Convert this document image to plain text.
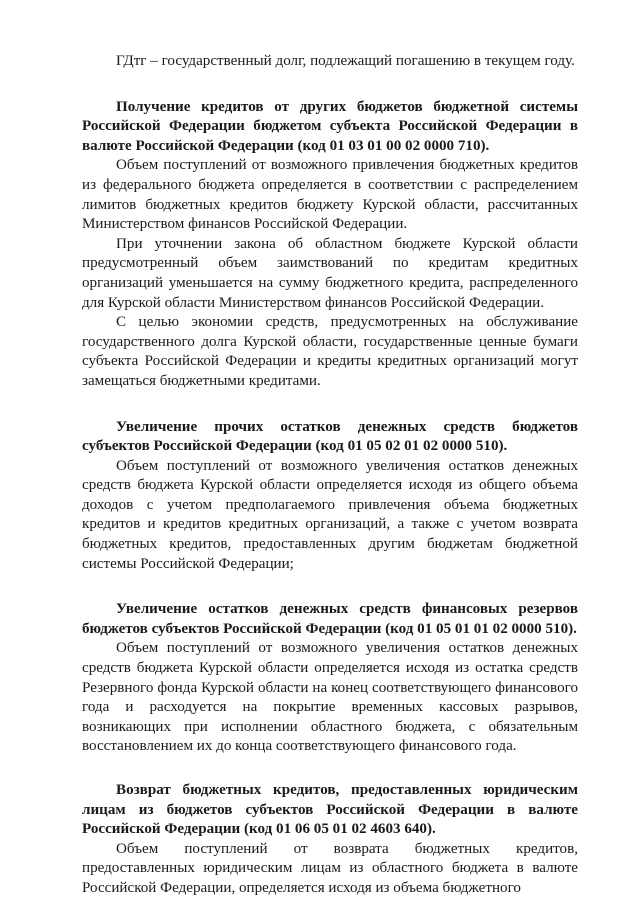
ГДтг – государственный долг, подлежащий погашению в текущем году.

Получение кредитов от других бюджетов бюджетной системы Российской Федерации бюджетом субъекта Российской Федерации в валюте Российской Федерации (код 01 03 01 00 02 0000 710).

Объем поступлений от возможного привлечения бюджетных кредитов из федерального бюджета определяется в соответствии с распределением лимитов бюджетных кредитов бюджету Курской области, рассчитанных Министерством финансов Российской Федерации.

При уточнении закона об областном бюджете Курской области предусмотренный объем заимствований по кредитам кредитных организаций уменьшается на сумму бюджетного кредита, распределенного для Курской области Министерством финансов Российской Федерации.

С целью экономии средств, предусмотренных на обслуживание государственного долга Курской области, государственные ценные бумаги субъекта Российской Федерации и кредиты кредитных организаций могут замещаться бюджетными кредитами.

Увеличение прочих остатков денежных средств бюджетов субъектов Российской Федерации (код 01 05 02 01 02 0000 510).

Объем поступлений от возможного увеличения остатков денежных средств бюджета Курской области определяется исходя из общего объема доходов с учетом предполагаемого привлечения объема бюджетных кредитов и кредитов кредитных организаций, а также с учетом возврата бюджетных кредитов, предоставленных другим бюджетам бюджетной системы Российской Федерации;

Увеличение остатков денежных средств финансовых резервов бюджетов субъектов Российской Федерации (код 01 05 01 01 02 0000 510).

Объем поступлений от возможного увеличения остатков денежных средств бюджета Курской области определяется исходя из остатка средств Резервного фонда Курской области на конец соответствующего финансового года и расходуется на покрытие временных кассовых разрывов, возникающих при исполнении областного бюджета, с обязательным восстановлением их до конца соответствующего финансового года.

Возврат бюджетных кредитов, предоставленных юридическим лицам из бюджетов субъектов Российской Федерации в валюте Российской Федерации (код 01 06 05 01 02 4603 640).

Объем поступлений от возврата бюджетных кредитов, предоставленных юридическим лицам из областного бюджета в валюте Российской Федерации, определяется исходя из объема бюджетного
